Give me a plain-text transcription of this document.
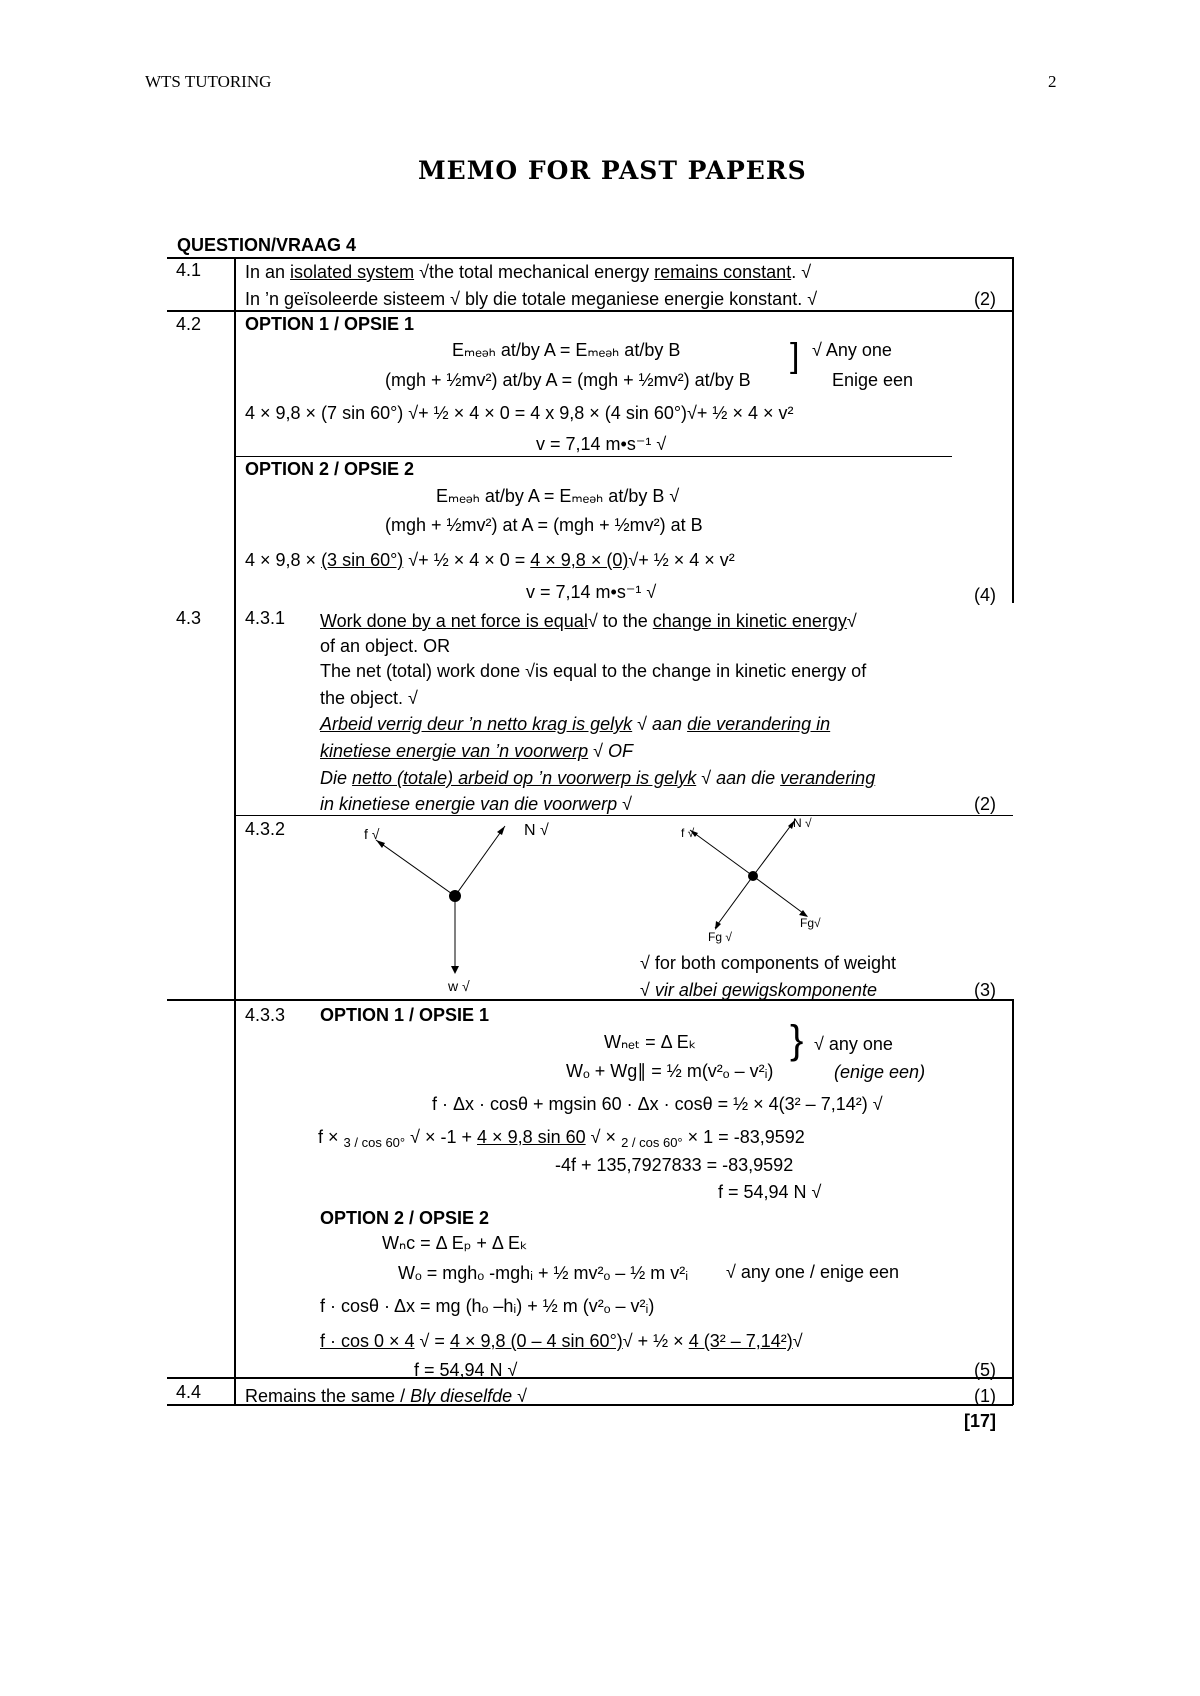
WTS TUTORING	2
MEMO FOR PAST PAPERS
QUESTION/VRAAG 4
4.1 In an isolated system √the total mechanical energy remains constant. √
In ’n geïsoleerde sisteem √ bly die totale meganiese energie konstant. √	(2)
4.2 OPTION 1 / OPSIE 1
Eₘₑₔₕ at/by A = Eₘₑₔₕ at/by B
(mgh + ½mv²) at/by A = (mgh + ½mv²) at/by B
] √ Any one
Enige een
4 × 9,8 × (7 sin 60°) √+ ½ × 4 × 0 = 4 x 9,8 × (4 sin 60°)√+ ½ × 4 × v²
v = 7,14 m•s⁻¹ √
OPTION 2 / OPSIE 2
Eₘₑₔₕ at/by A = Eₘₑₔₕ at/by B √
(mgh + ½mv²) at A = (mgh + ½mv²) at B
4 × 9,8 × (3 sin 60°) √+ ½ × 4 × 0 = 4 × 9,8 × (0)√+ ½ × 4 × v²
v = 7,14 m•s⁻¹ √	(4)
4.3 4.3.1 Work done by a net force is equal√ to the change in kinetic energy√
of an object. OR
The net (total) work done √is equal to the change in kinetic energy of
the object. √
Arbeid verrig deur ’n netto krag is gelyk √ aan die verandering in
kinetiese energie van ’n voorwerp √ OF
Die netto (totale) arbeid op ’n voorwerp is gelyk √ aan die verandering
in kinetiese energie van die voorwerp √	(2)
4.3.2	f √	N √
w √
f √
N √
Fg √
Fg√
√ for both components of weight
√ vir albei gewigskomponente	(3)
4.3.3 OPTION 1 / OPSIE 1
Wₙₑₜ = Δ Eₖ
Wₒ + Wg∥ = ½ m(v²ₒ – v²ᵢ)
} √ any one
(enige een)
f · Δx · cosθ + mgsin 60 · Δx · cosθ = ½ × 4(3² – 7,14²) √
f × $_{3 / cos 60^\circ}$ √ × -1 + 4 × 9,8 sin 60 √ × $_{2 / cos 60^\circ}$ × 1 = -83,9592
-4f + 135,7927833 = -83,9592
f = 54,94 N √
OPTION 2 / OPSIE 2
Wₙc = Δ Eₚ + Δ Eₖ
Wₒ = mghₒ -mghᵢ + ½ mv²ₒ – ½ m v²ᵢ √ any one / enige een
f · cosθ · Δx = mg (hₒ –hᵢ) + ½ m (v²ₒ – v²ᵢ)
f · cos 0 × 4 √ = 4 × 9,8 (0 – 4 sin 60°)√ + ½ × 4 (3² – 7,14²)√
f = 54,94 N √	(5)
4.4 Remains the same / Bly dieselfde √	(1)
[17]
